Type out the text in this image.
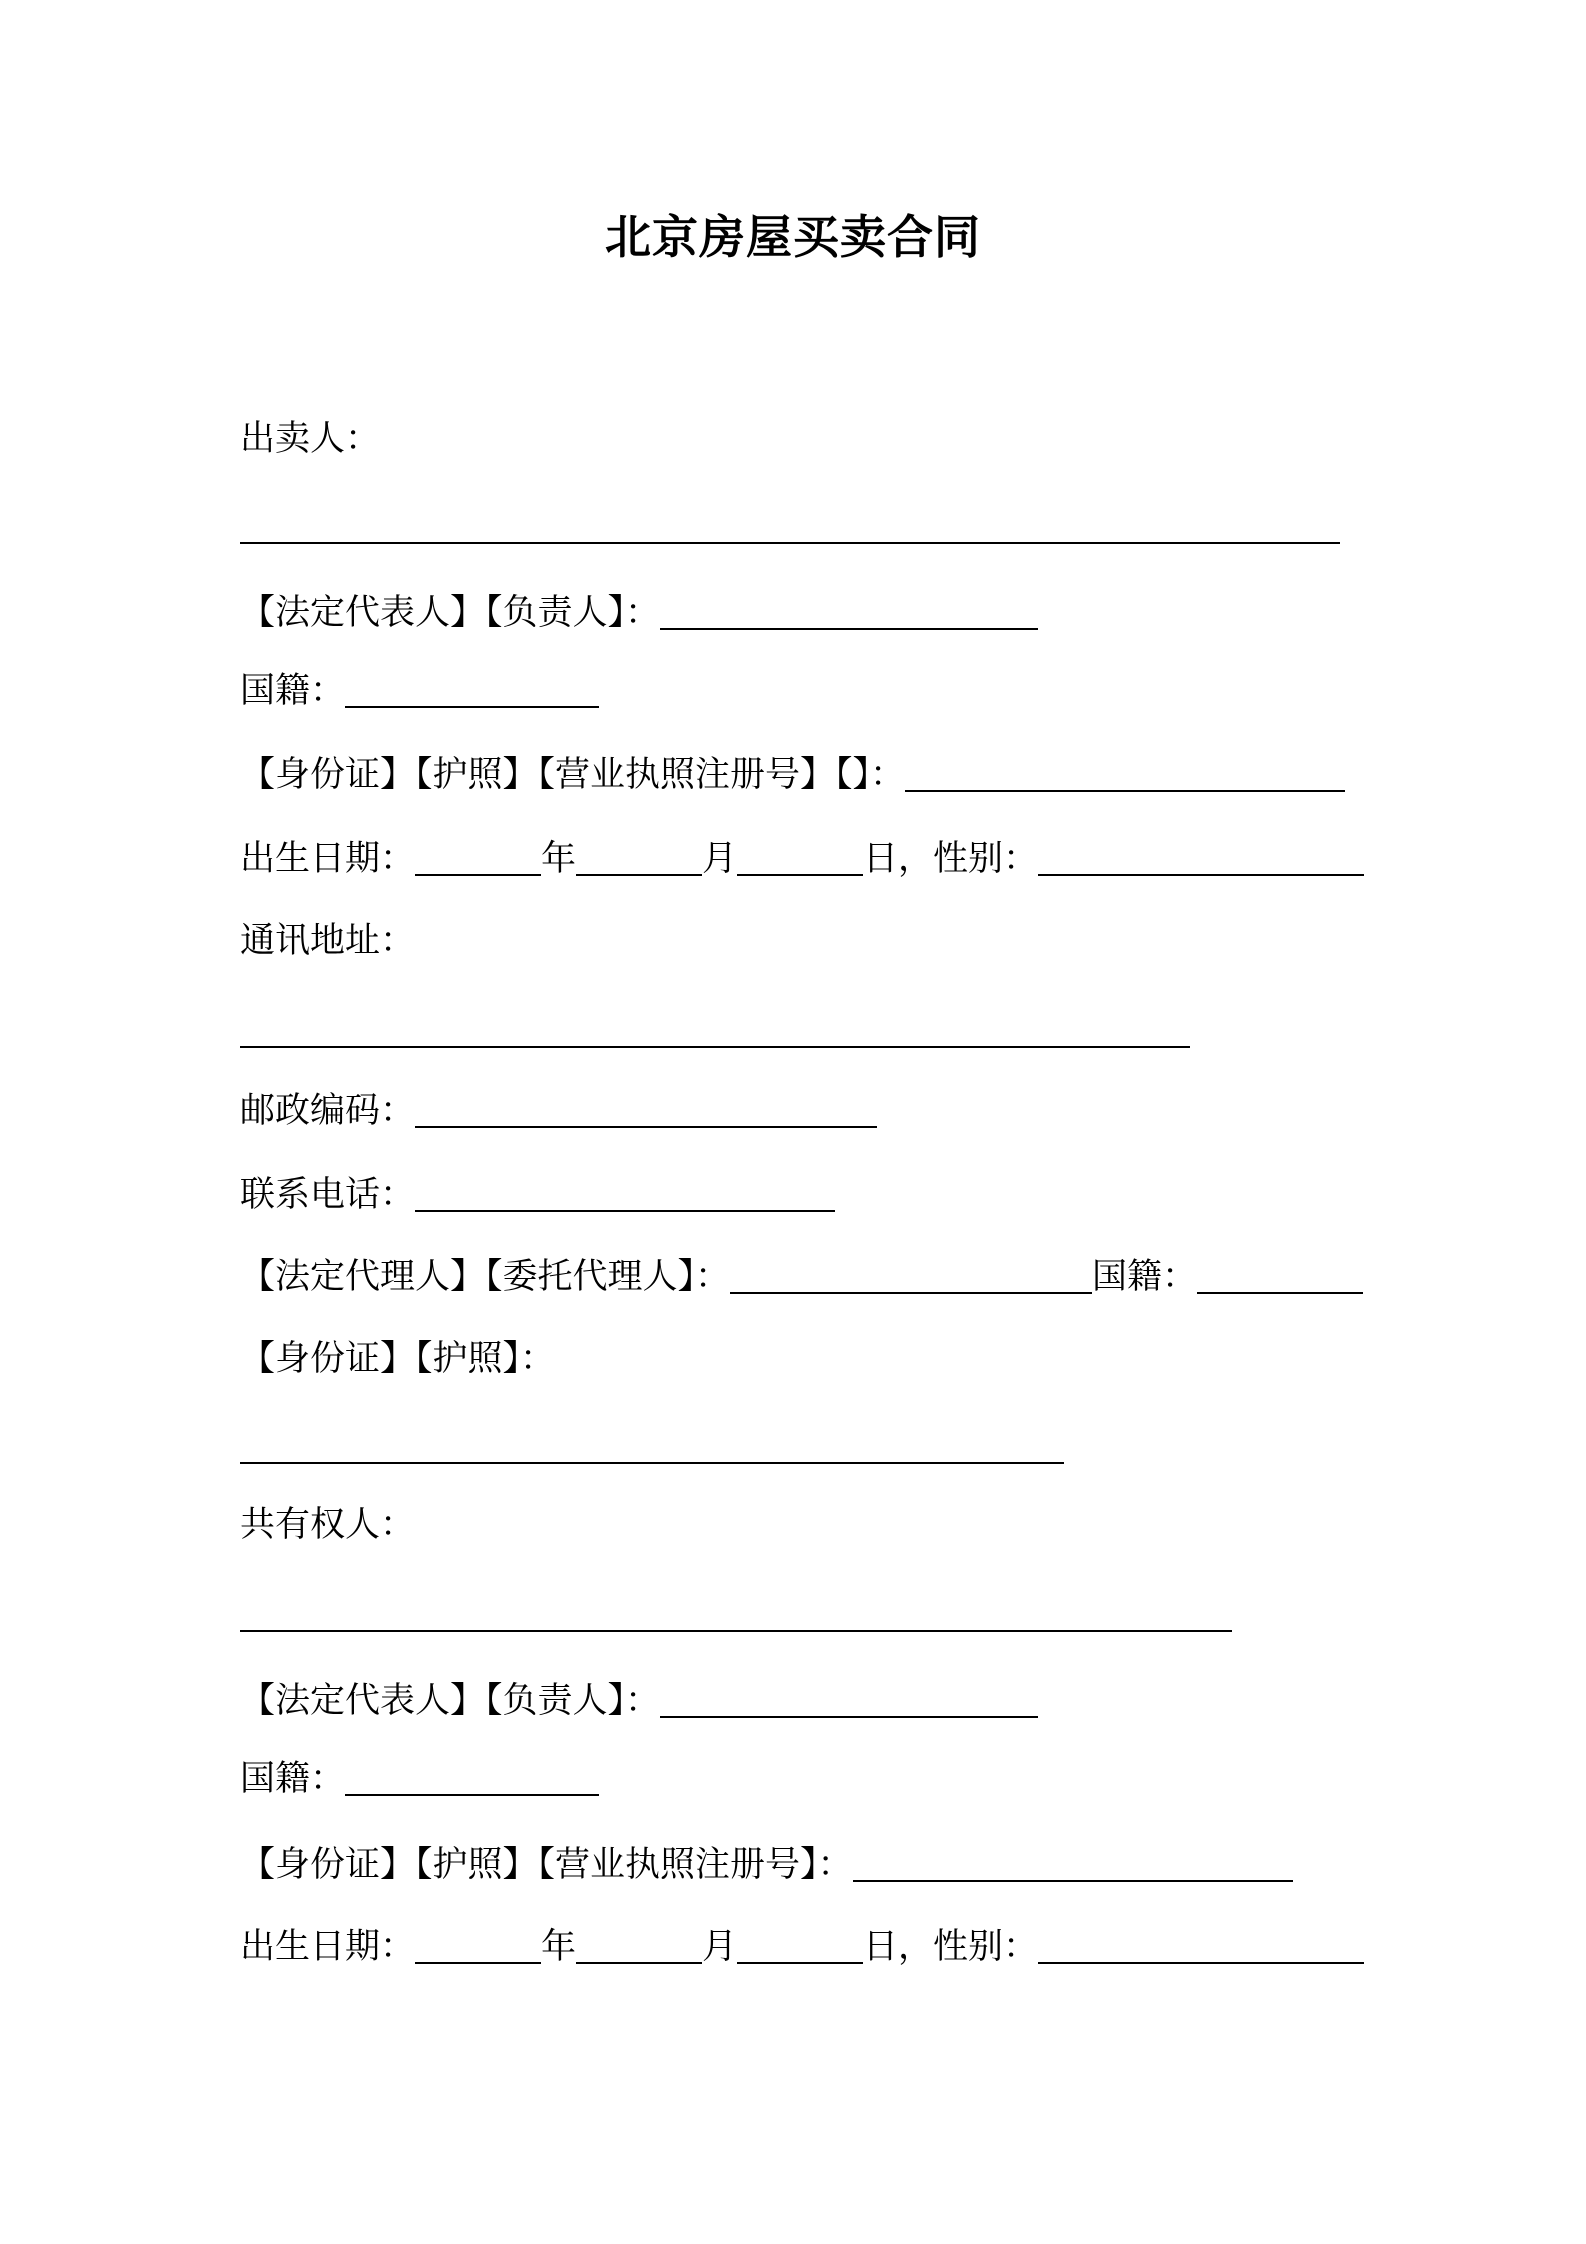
北京房屋买卖合同
出卖人：
【法定代表人】【负责人】：
国籍：
【身份证】【护照】【营业执照注册号】【】：
出生日期：	年	月	日，性别：
通讯地址：
邮政编码：
联系电话：
【法定代理人】【委托代理人】：	国籍：
【身份证】【护照】：
共有权人：
【法定代表人】【负责人】：
国籍：
【身份证】【护照】【营业执照注册号】：
出生日期：	年	月	日，性别：
